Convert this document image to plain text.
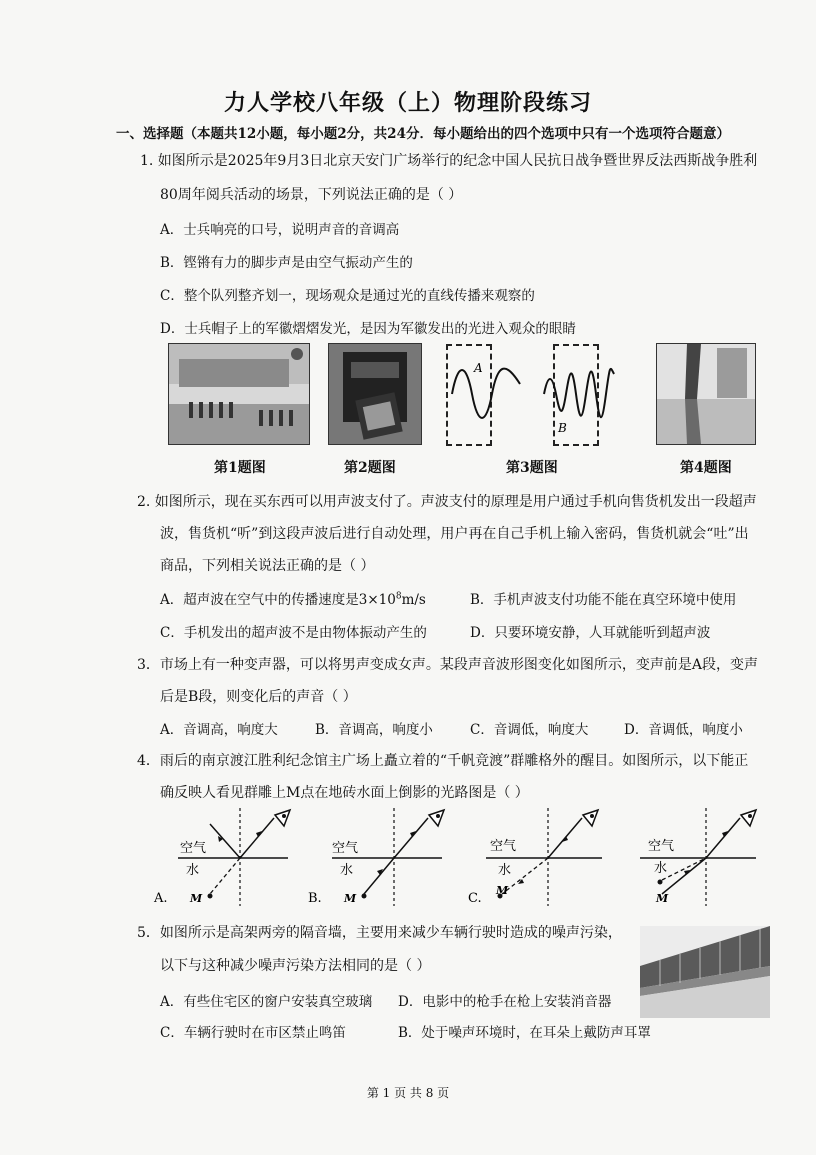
力人学校八年级（上）物理阶段练习
一、选择题（本题共12小题，每小题2分，共24分．每小题给出的四个选项中只有一个选项符合题意）
1. 如图所示是2025年9月3日北京天安门广场举行的纪念中国人民抗日战争暨世界反法西斯战争胜利
80周年阅兵活动的场景，下列说法正确的是（ ）
A．士兵响亮的口号，说明声音的音调高
B．铿锵有力的脚步声是由空气振动产生的
C．整个队列整齐划一，现场观众是通过光的直线传播来观察的
D．士兵帽子上的军徽熠熠发光，是因为军徽发出的光进入观众的眼睛
A
B
第1题图	第2题图	第3题图	第4题图
2. 如图所示，现在买东西可以用声波支付了。声波支付的原理是用户通过手机向售货机发出一段超声
波，售货机“听”到这段声波后进行自动处理，用户再在自己手机上输入密码，售货机就会“吐”出
商品，下列相关说法正确的是（ ）
A．超声波在空气中的传播速度是$3\times 10^8m/s$	B．手机声波支付功能不能在真空环境中使用
C．手机发出的超声波不是由物体振动产生的	D．只要环境安静，人耳就能听到超声波
3．市场上有一种变声器，可以将男声变成女声。某段声音波形图变化如图所示，变声前是A段，变声
后是B段，则变化后的声音（ ）
A．音调高，响度大	B．音调高，响度小	C．音调低，响度大	D．音调低，响度小
4．雨后的南京渡江胜利纪念馆主广场上矗立着的“千帆竞渡”群雕格外的醒目。如图所示，以下能正
确反映人看见群雕上M点在地砖水面上倒影的光路图是（ ）
空气
水
M
A.
空气
水
M
B.
空气
水
M
C.
空气
水
M
5．如图所示是高架两旁的隔音墙，主要用来减少车辆行驶时造成的噪声污染，
以下与这种减少噪声污染方法相同的是（ ）
A．有些住宅区的窗户安装真空玻璃 D．电影中的枪手在枪上安装消音器
C．车辆行驶时在市区禁止鸣笛	B．处于噪声环境时，在耳朵上戴防声耳罩
第 1 页 共 8 页
